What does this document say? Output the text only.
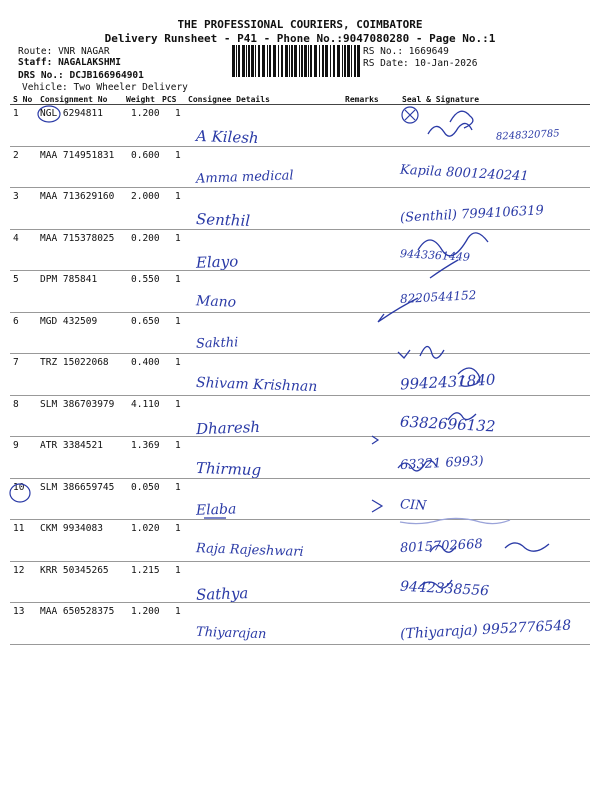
THE PROFESSIONAL COURIERS, COIMBATORE
Delivery Runsheet - P41 - Phone No.:9047080280 - Page No.:1
Route: VNR NAGAR
Staff: NAGALAKSHMI
DRS No.: DCJB166964901
Vehicle: Two Wheeler Delivery
RS No.: 1669649
RS Date: 10-Jan-2026
S No Consignment No Weight PCS Consignee Details	Remarks	Seal & Signature
1 NGL 6294811	1.200 1
A Kilesh	8248320785
2 MAA 714951831 0.600 1
Amma medical	Kapila 8001240241
3 MAA 713629160 2.000 1
Senthil	(Senthil) 7994106319
4 MAA 715378025 0.200 1
Elayo	9443361449
5 DPM 785841	0.550 1
Mano	8220544152
6 MGD 432509	0.650 1
Sakthi
7 TRZ 15022068 0.400 1
Shivam Krishnan	9942431840
8 SLM 386703979 4.110 1
Dharesh	6382696132
9 ATR 3384521	1.369 1
Thirmug	63321 6993)
10 SLM 386659745 0.050 1
Elaba	CIN
11 CKM 9934083	1.020 1
Raja Rajeshwari	8015702668
12 KRR 50345265 1.215 1
Sathya	9442338556
13 MAA 650528375 1.200 1
Thiyarajan	(Thiyaraja) 9952776548
